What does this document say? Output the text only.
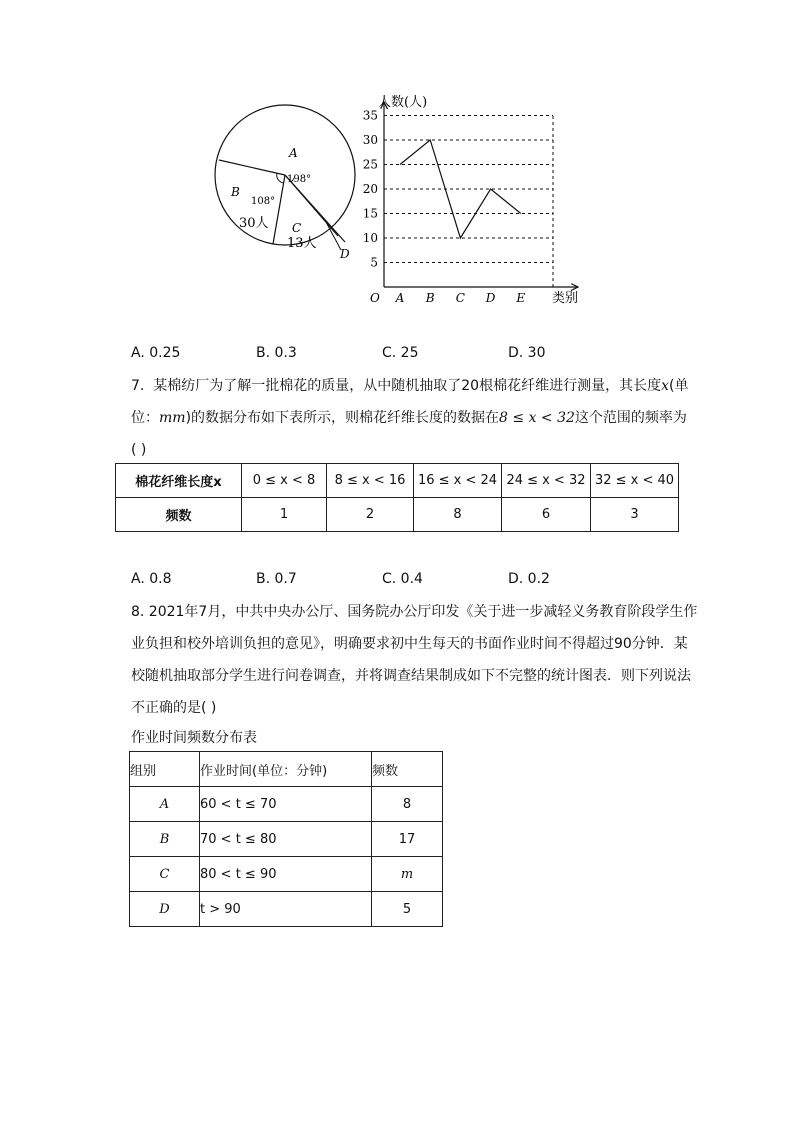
A
198°
B
108°
30人 C
13人
D
人数(人)
类别
O
5
10
15
20
25
30
35
A B C D E
A. 0.25	B. 0.3	C. 25	D. 30
7. 某棉纺厂为了解一批棉花的质量，从中随机抽取了20根棉花纤维进行测量，其长度x(单位：mm)的数据分布如下表所示，则棉花纤维长度的数据在8 ≤ x < 32这个范围的频率为
( )
棉花纤维长度x	0 ≤ x < 8	8 ≤ x < 16	16 ≤ x < 24	24 ≤ x < 32	32 ≤ x < 40
频数	1	2	8	6	3
A. 0.8	B. 0.7	C. 0.4	D. 0.2
8. 2021年7月，中共中央办公厅、国务院办公厅印发《关于进一步减轻义务教育阶段学生作
业负担和校外培训负担的意见》，明确要求初中生每天的书面作业时间不得超过90分钟．某
校随机抽取部分学生进行问卷调查，并将调查结果制成如下不完整的统计图表．则下列说法
不正确的是( )
作业时间频数分布表
组别	作业时间(单位：分钟)	频数
A	60 < t ≤ 70	8
B	70 < t ≤ 80	17
C	80 < t ≤ 90	m
D	t > 90	5
